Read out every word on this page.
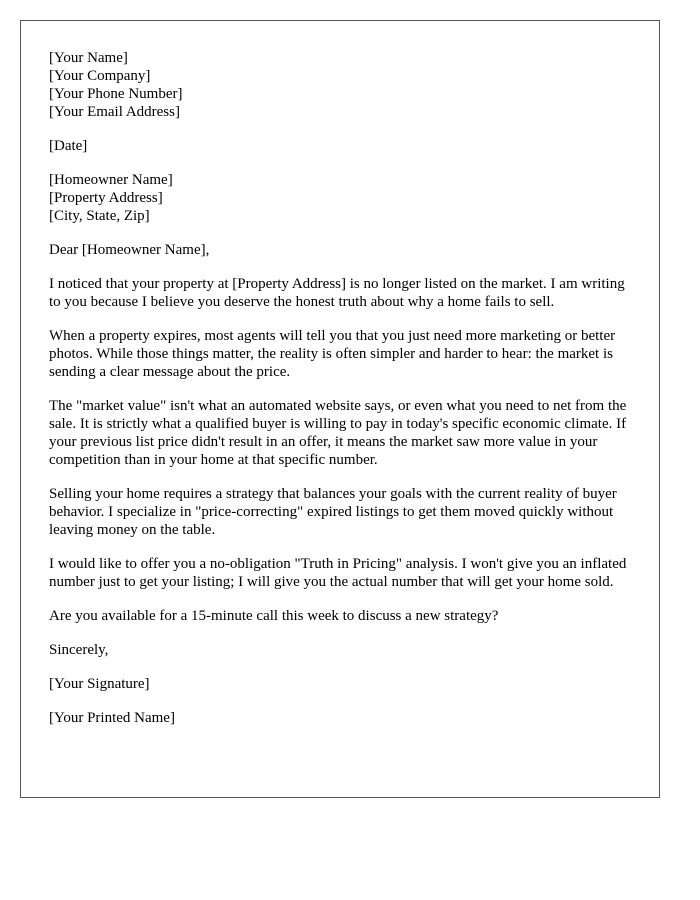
[Your Name]
[Your Company]
[Your Phone Number]
[Your Email Address]
[Date]
[Homeowner Name]
[Property Address]
[City, State, Zip]

Dear [Homeowner Name],

I noticed that your property at [Property Address] is no longer listed on the market. I am writing to you because I believe you deserve the honest truth about why a home fails to sell.

When a property expires, most agents will tell you that you just need more marketing or better photos. While those things matter, the reality is often simpler and harder to hear: the market is sending a clear message about the price.

The "market value" isn't what an automated website says, or even what you need to net from the sale. It is strictly what a qualified buyer is willing to pay in today's specific economic climate. If your previous list price didn't result in an offer, it means the market saw more value in your competition than in your home at that specific number.

Selling your home requires a strategy that balances your goals with the current reality of buyer behavior. I specialize in "price-correcting" expired listings to get them moved quickly without leaving money on the table.

I would like to offer you a no-obligation "Truth in Pricing" analysis. I won't give you an inflated number just to get your listing; I will give you the actual number that will get your home sold.

Are you available for a 15-minute call this week to discuss a new strategy?

Sincerely,

[Your Signature]

[Your Printed Name]
